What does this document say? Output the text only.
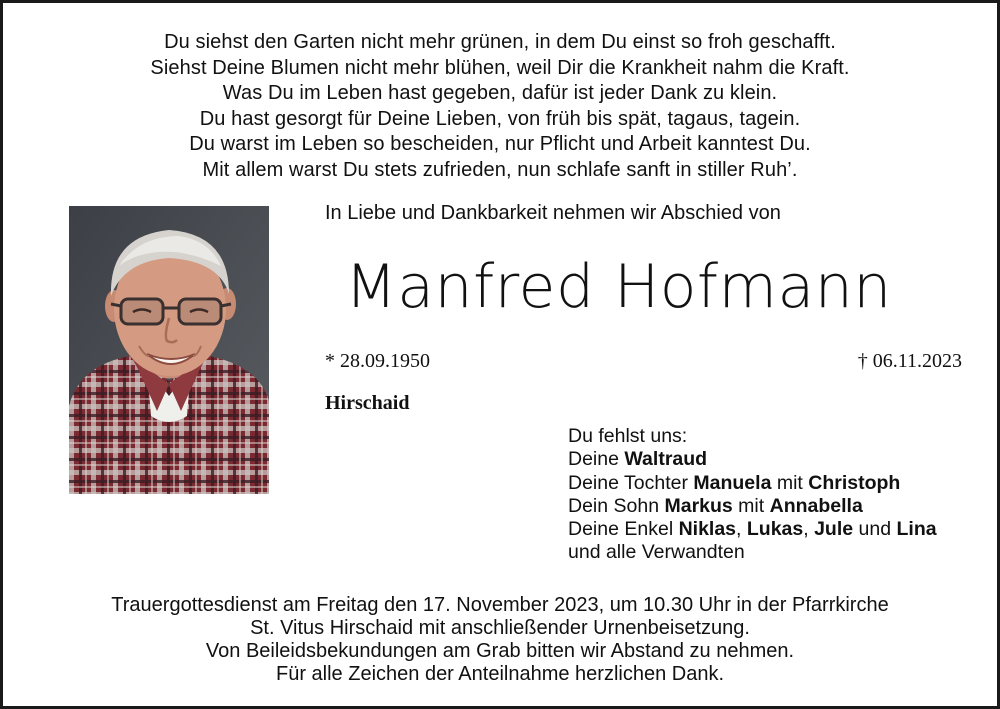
Du siehst den Garten nicht mehr grünen, in dem Du einst so froh geschafft.
Siehst Deine Blumen nicht mehr blühen, weil Dir die Krankheit nahm die Kraft.
Was Du im Leben hast gegeben, dafür ist jeder Dank zu klein.
Du hast gesorgt für Deine Lieben, von früh bis spät, tagaus, tagein.
Du warst im Leben so bescheiden, nur Pflicht und Arbeit kanntest Du.
Mit allem warst Du stets zufrieden, nun schlafe sanft in stiller Ruh’.
In Liebe und Dankbarkeit nehmen wir Abschied von
Manfred Hofmann
* 28.09.1950	† 06.11.2023
Hirschaid
Du fehlst uns:
Deine Waltraud
Deine Tochter Manuela mit Christoph
Dein Sohn Markus mit Annabella
Deine Enkel Niklas, Lukas, Jule und Lina
und alle Verwandten
Trauergottesdienst am Freitag den 17. November 2023, um 10.30 Uhr in der Pfarrkirche
St. Vitus Hirschaid mit anschließender Urnenbeisetzung.
Von Beileidsbekundungen am Grab bitten wir Abstand zu nehmen.
Für alle Zeichen der Anteilnahme herzlichen Dank.
